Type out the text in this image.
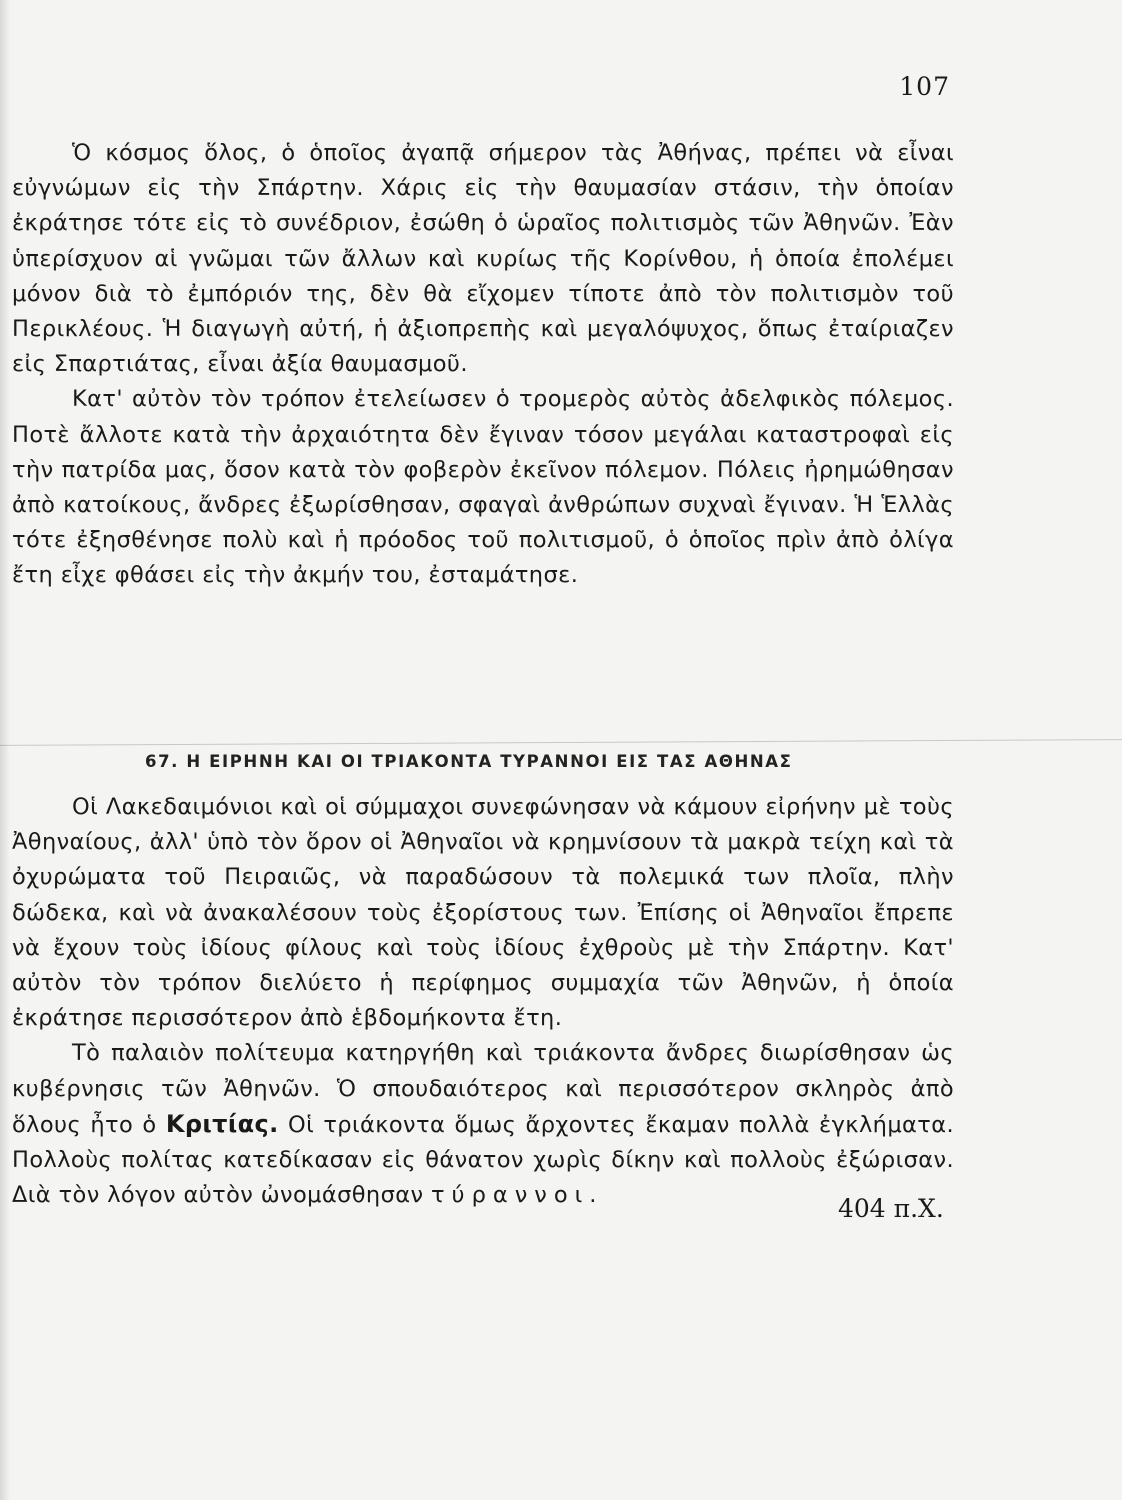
107

Ὁ κόσμος ὅλος, ὁ ὁποῖος ἀγαπᾷ σήμερον τὰς Ἀθήνας, πρέπει νὰ εἶναι εὐγνώμων εἰς τὴν Σπάρτην. Χάρις εἰς τὴν θαυμασίαν στάσιν, τὴν ὁποίαν ἐκράτησε τότε εἰς τὸ συνέδριον, ἐσώθη ὁ ὡραῖος πολιτισμὸς τῶν Ἀθηνῶν. Ἐὰν ὑπερίσχυον αἱ γνῶμαι τῶν ἄλλων καὶ κυρίως τῆς Κορίνθου, ἡ ὁποία ἐπολέμει μόνον διὰ τὸ ἐμπόριόν της, δὲν θὰ εἴχομεν τίποτε ἀπὸ τὸν πολιτισμὸν τοῦ Περικλέους. Ἡ διαγωγὴ αὐτή, ἡ ἀξιοπρεπὴς καὶ μεγαλόψυχος, ὅπως ἐταίριαζεν εἰς Σπαρτιάτας, εἶναι ἀξία θαυμασμοῦ.

Κατ' αὐτὸν τὸν τρόπον ἐτελείωσεν ὁ τρομερὸς αὐτὸς ἀδελφικὸς πόλεμος. Ποτὲ ἄλλοτε κατὰ τὴν ἀρχαιότητα δὲν ἔγιναν τόσον μεγάλαι καταστροφαὶ εἰς τὴν πατρίδα μας, ὅσον κατὰ τὸν φοβερὸν ἐκεῖνον πόλεμον. Πόλεις ἠρημώθησαν ἀπὸ κατοίκους, ἄνδρες ἐξωρίσθησαν, σφαγαὶ ἀνθρώπων συχναὶ ἔγιναν. Ἡ Ἑλλὰς τότε ἐξησθένησε πολὺ καὶ ἡ πρόοδος τοῦ πολιτισμοῦ, ὁ ὁποῖος πρὶν ἀπὸ ὀλίγα ἔτη εἶχε φθάσει εἰς τὴν ἀκμήν του, ἐσταμάτησε.

67. Η ΕΙΡΗΝΗ ΚΑΙ ΟΙ ΤΡΙΑΚΟΝΤΑ ΤΥΡΑΝΝΟΙ ΕΙΣ ΤΑΣ ΑΘΗΝΑΣ

Οἱ Λακεδαιμόνιοι καὶ οἱ σύμμαχοι συνεφώνησαν νὰ κάμουν εἰρήνην μὲ τοὺς Ἀθηναίους, ἀλλ' ὑπὸ τὸν ὅρον οἱ Ἀθηναῖοι νὰ κρημνίσουν τὰ μακρὰ τείχη καὶ τὰ ὀχυρώματα τοῦ Πειραιῶς, νὰ παραδώσουν τὰ πολεμικά των πλοῖα, πλὴν δώδεκα, καὶ νὰ ἀνακαλέσουν τοὺς ἐξορίστους των. Ἐπίσης οἱ Ἀθηναῖοι ἔπρεπε νὰ ἔχουν τοὺς ἰδίους φίλους καὶ τοὺς ἰδίους ἐχθροὺς μὲ τὴν Σπάρτην. Κατ' αὐτὸν τὸν τρόπον διελύετο ἡ περίφημος συμμαχία τῶν Ἀθηνῶν, ἡ ὁποία ἐκράτησε περισσότερον ἀπὸ ἑβδομήκοντα ἔτη.

Τὸ παλαιὸν πολίτευμα κατηργήθη καὶ τριάκοντα ἄνδρες διωρίσθησαν ὡς κυβέρνησις τῶν Ἀθηνῶν. Ὁ σπουδαιότερος καὶ περισσότερον σκληρὸς ἀπὸ ὅλους ἦτο ὁ Κριτίας. Οἱ τριάκοντα ὅμως ἄρχοντες ἔκαμαν πολλὰ ἐγκλήματα. Πολλοὺς πολίτας κατεδίκασαν εἰς θάνατον χωρὶς δίκην καὶ πολλοὺς ἐξώρισαν. Διὰ τὸν λόγον αὐτὸν ὠνομάσθησαν τύραννοι.	404 π.Χ.
